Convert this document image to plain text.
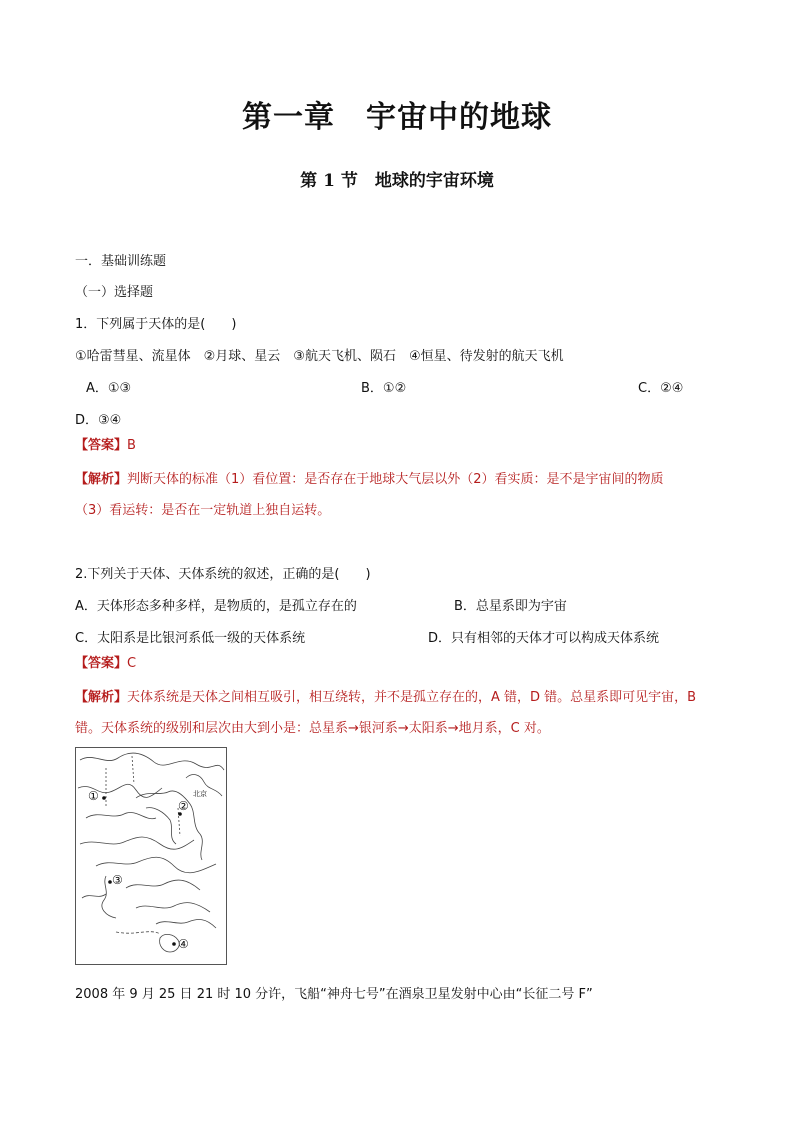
第一章　宇宙中的地球
第 1 节　地球的宇宙环境
一．基础训练题
（一）选择题
1．下列属于天体的是(　　)
①哈雷彗星、流星体　②月球、星云　③航天飞机、陨石　④恒星、待发射的航天飞机
A．①③	B．①②	C．②④
D．③④
【答案】B
【解析】判断天体的标准（1）看位置：是否存在于地球大气层以外（2）看实质：是不是宇宙间的物质
（3）看运转：是否在一定轨道上独自运转。
2.下列关于天体、天体系统的叙述，正确的是(　　)
A．天体形态多种多样，是物质的，是孤立存在的	B．总星系即为宇宙
C．太阳系是比银河系低一级的天体系统	D．只有相邻的天体才可以构成天体系统
【答案】C
【解析】天体系统是天体之间相互吸引，相互绕转，并不是孤立存在的，A 错，D 错。总星系即可见宇宙，B
错。天体系统的级别和层次由大到小是：总星系→银河系→太阳系→地月系，C 对。
①
②
北京
③
④
2008 年 9 月 25 日 21 时 10 分许，飞船“神舟七号”在酒泉卫星发射中心由“长征二号 F”
